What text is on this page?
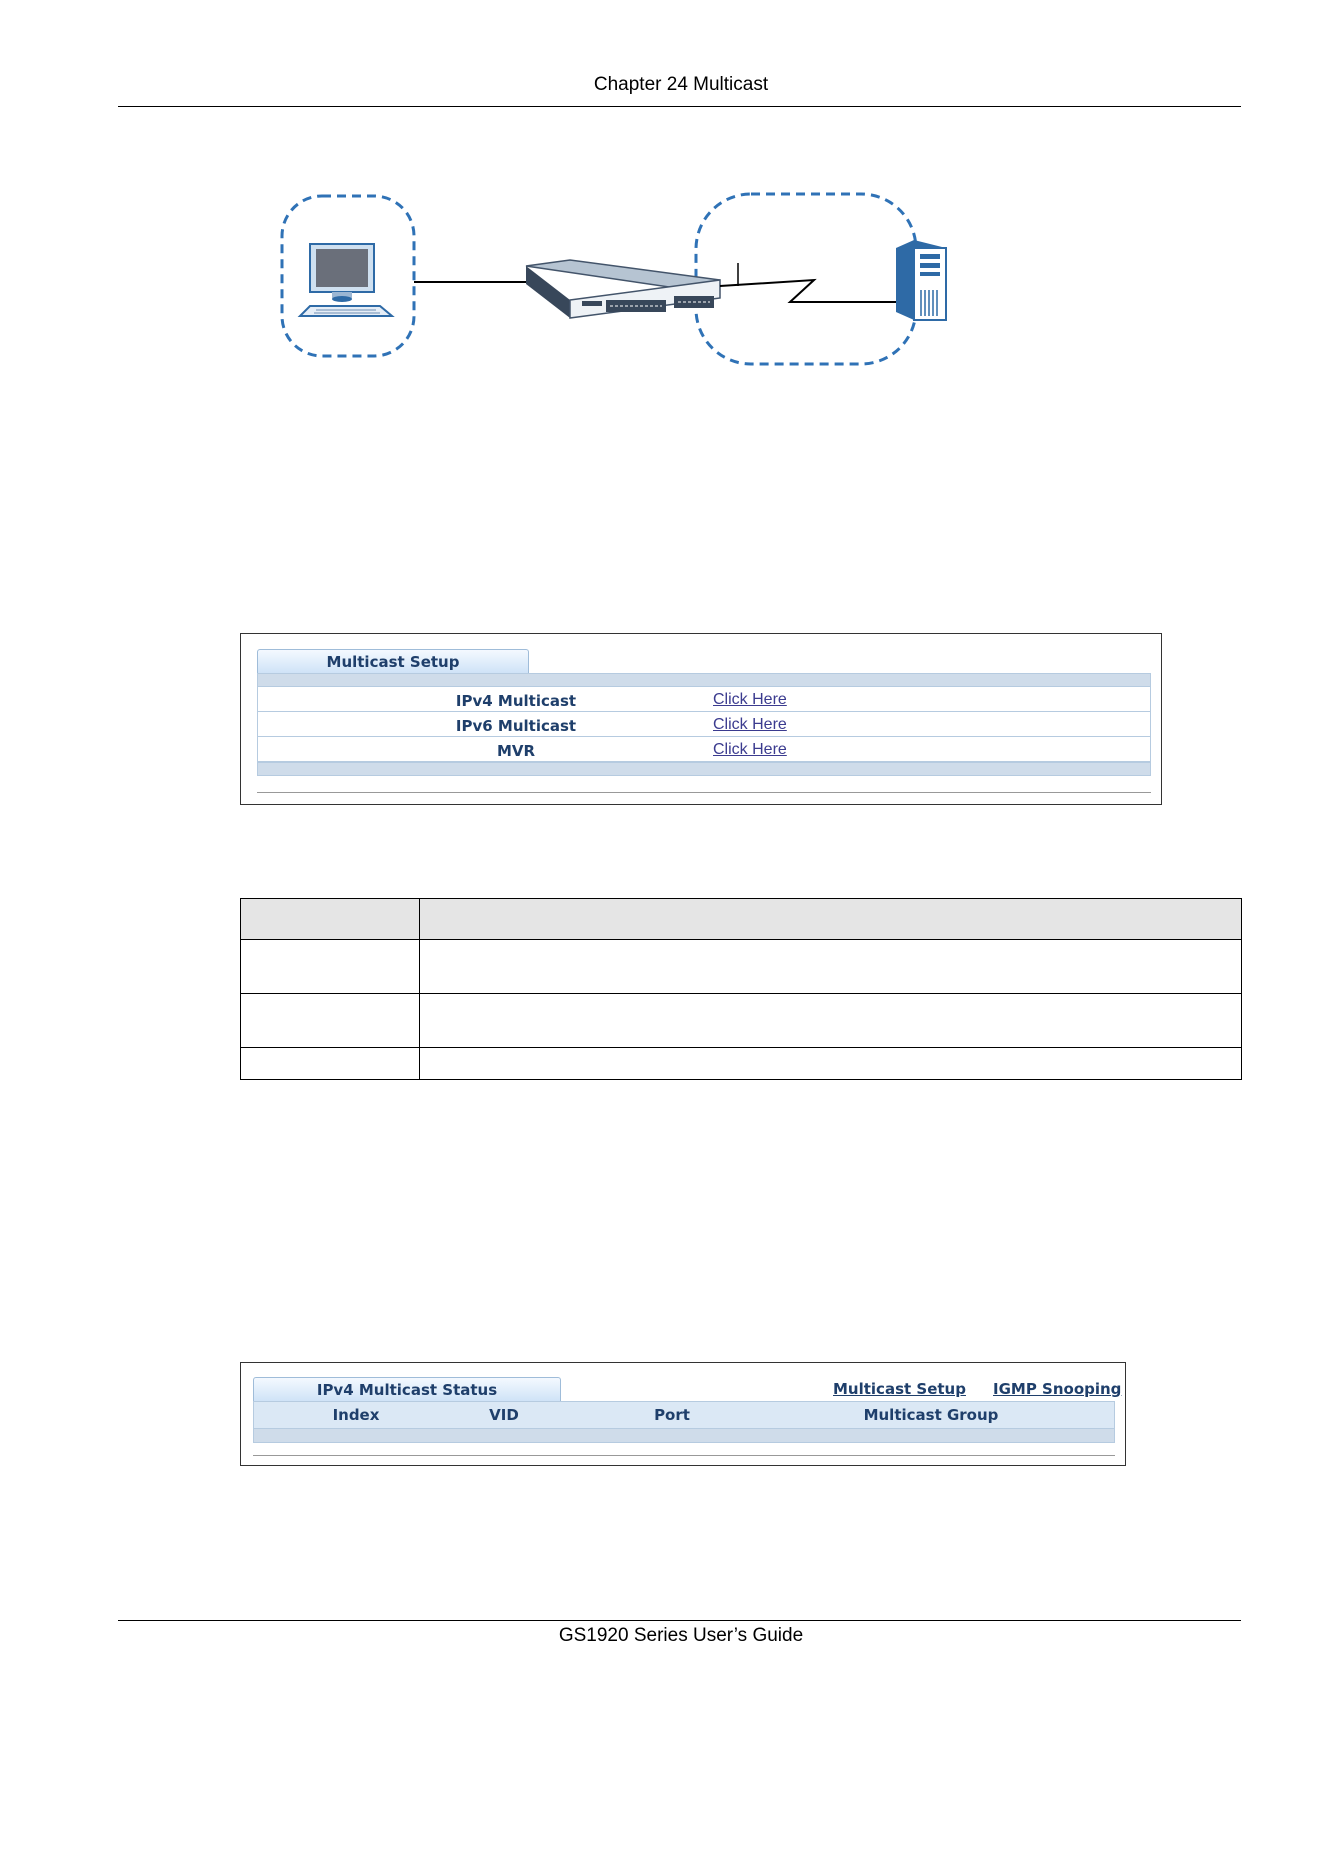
Chapter 24 Multicast
Multicast Setup
IPv4 Multicast	Click Here
IPv6 Multicast	Click Here
MVR	Click Here

IPv4 Multicast Status	Multicast Setup IGMP Snooping
Index	VID	Port	Multicast Group
GS1920 Series User’s Guide
